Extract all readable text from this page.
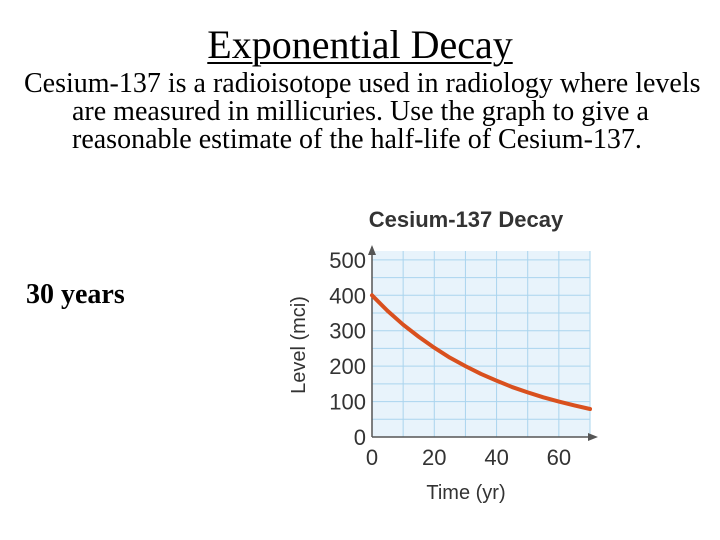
Exponential Decay
Cesium-137 is a radioisotope used in radiology where levels are measured in millicuries. Use the graph to give a reasonable estimate of the half-life of Cesium-137.
30 years
Cesium-137 Decay
0
100
200
300
400
500
0 20 40 60
Time (yr)
Level (mci)
